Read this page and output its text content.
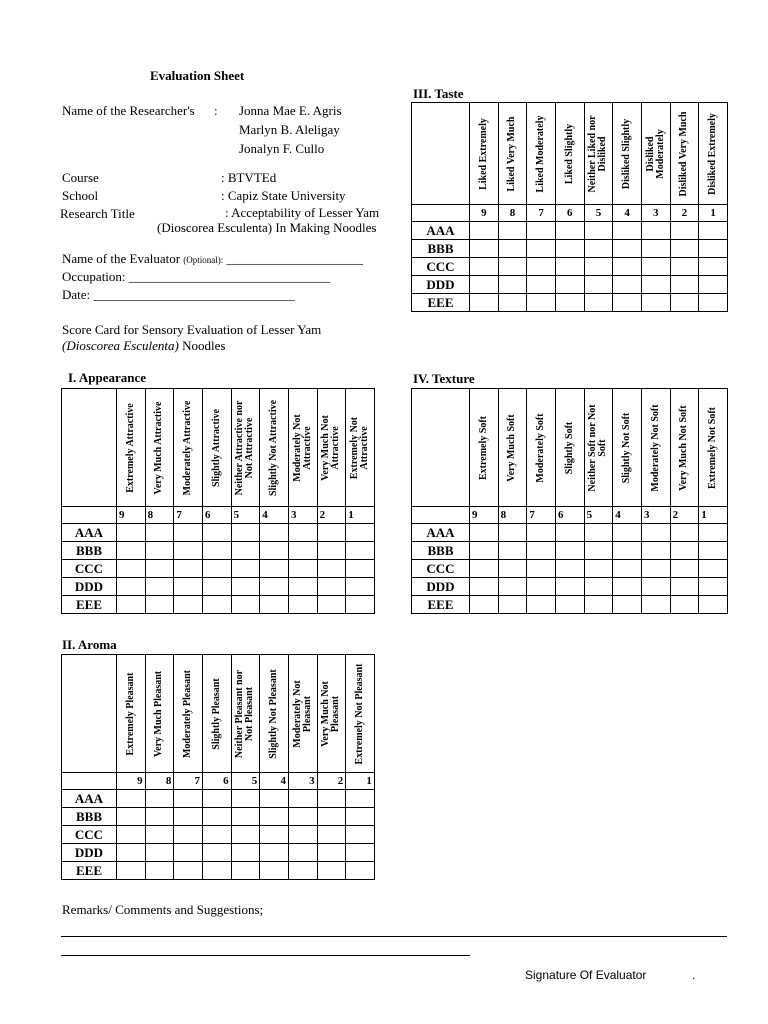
Evaluation Sheet
Name of the Researcher's : Jonna Mae E. Agris
Marlyn B. Aleligay
Jonalyn F. Cullo
Course	: BTVTEd
School	: Capiz State University
Research Title	: Acceptability of Lesser Yam
(Dioscorea Esculenta) In Making Noodles
Name of the Evaluator (Optional): _____________________
Occupation: _______________________________
Date: _______________________________
Score Card for Sensory Evaluation of Lesser Yam
(Dioscorea Esculenta) Noodles
III. Taste
I. Appearance	IV. Texture
II. Aroma

	Liked Extremely	Liked Very Much	Liked Moderately	Liked Slightly	Neither Liked nor Disliked	Disliked Slightly	Disliked Moderately	Disliked Very Much	Disliked Extremely

	9	8	7	6	5	4	3	2	1
AAA									
BBB									
CCC									
DDD									
EEE									

	Extremely Attractive	Very Much Attractive	Moderately Attractive	Slightly Attractive	Neither Attractive nor Not Attractive	Slightly Not Attractive	Moderately Not Attractive	Very Much Not Attractive	Extremely Not Attractive

	9	8	7	6	5	4	3	2	1
AAA									
BBB									
CCC									
DDD									
EEE									

	Extremely Soft	Very Much Soft	Moderately Soft	Slightly Soft	Neither Soft nor Not Soft	Slightly Not Soft	Moderately Not Soft	Very Much Not Soft	Extremely Not Soft

	9	8	7	6	5	4	3	2	1
AAA									
BBB									
CCC									
DDD									
EEE									

	Extremely Pleasant	Very Much Pleasant	Moderately Pleasant	Slightly Pleasant	Neither Pleasant nor Not Pleasant	Slightly Not Pleasant	Moderately Not Pleasant	Very Much Not Pleasant	Extremely Not Pleasant

	9	8	7	6	5	4	3	2	1
AAA									
BBB									
CCC									
DDD									
EEE									
Remarks/ Comments and Suggestions;
Signature Of Evaluator	.
